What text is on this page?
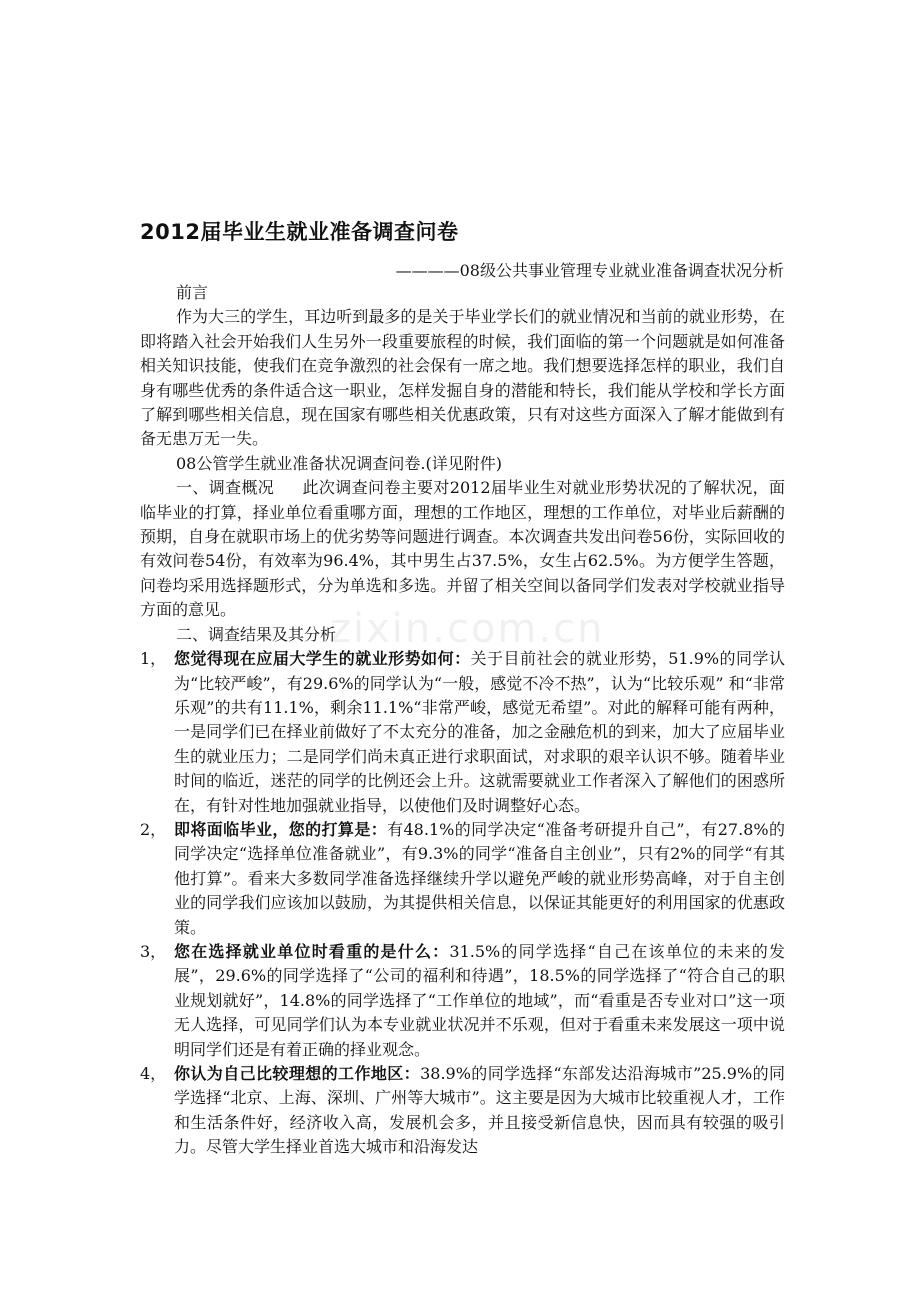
zixin.com.cn
2012届毕业生就业准备调查问卷
————08级公共事业管理专业就业准备调查状况分析

前言

作为大三的学生，耳边听到最多的是关于毕业学长们的就业情况和当前的就业形势，在即将踏入社会开始我们人生另外一段重要旅程的时候，我们面临的第一个问题就是如何准备相关知识技能，使我们在竞争激烈的社会保有一席之地。我们想要选择怎样的职业，我们自身有哪些优秀的条件适合这一职业，怎样发掘自身的潜能和特长，我们能从学校和学长方面了解到哪些相关信息，现在国家有哪些相关优惠政策，只有对这些方面深入了解才能做到有备无患万无一失。

08公管学生就业准备状况调查问卷.(详见附件)

一、调查概况 此次调查问卷主要对2012届毕业生对就业形势状况的了解状况，面临毕业的打算，择业单位看重哪方面，理想的工作地区，理想的工作单位，对毕业后薪酬的预期，自身在就职市场上的优劣势等问题进行调查。本次调查共发出问卷56份，实际回收的有效问卷54份，有效率为96.4%，其中男生占37.5%，女生占62.5%。为方便学生答题，问卷均采用选择题形式，分为单选和多选。并留了相关空间以备同学们发表对学校就业指导方面的意见。

二、调查结果及其分析

1， 您觉得现在应届大学生的就业形势如何：关于目前社会的就业形势，51.9%的同学认为“比较严峻”，有29.6%的同学认为“一般，感觉不冷不热”，认为“比较乐观” 和“非常乐观”的共有11.1%，剩余11.1%“非常严峻，感觉无希望”。对此的解释可能有两种，一是同学们已在择业前做好了不太充分的准备，加之金融危机的到来，加大了应届毕业生的就业压力；二是同学们尚未真正进行求职面试，对求职的艰辛认识不够。随着毕业时间的临近，迷茫的同学的比例还会上升。这就需要就业工作者深入了解他们的困惑所在，有针对性地加强就业指导，以使他们及时调整好心态。
2， 即将面临毕业，您的打算是：有48.1%的同学决定“准备考研提升自己”，有27.8%的同学决定“选择单位准备就业”，有9.3%的同学“准备自主创业”，只有2%的同学“有其他打算”。看来大多数同学准备选择继续升学以避免严峻的就业形势高峰，对于自主创业的同学我们应该加以鼓励，为其提供相关信息，以保证其能更好的利用国家的优惠政策。
3， 您在选择就业单位时看重的是什么：31.5%的同学选择“自己在该单位的未来的发展”，29.6%的同学选择了“公司的福利和待遇”，18.5%的同学选择了“符合自己的职业规划就好”，14.8%的同学选择了“工作单位的地域”，而“看重是否专业对口”这一项无人选择，可见同学们认为本专业就业状况并不乐观，但对于看重未来发展这一项中说明同学们还是有着正确的择业观念。
4， 你认为自己比较理想的工作地区：38.9%的同学选择“东部发达沿海城市”25.9%的同学选择“北京、上海、深圳、广州等大城市”。这主要是因为大城市比较重视人才，工作和生活条件好，经济收入高，发展机会多，并且接受新信息快，因而具有较强的吸引力。尽管大学生择业首选大城市和沿海发达
